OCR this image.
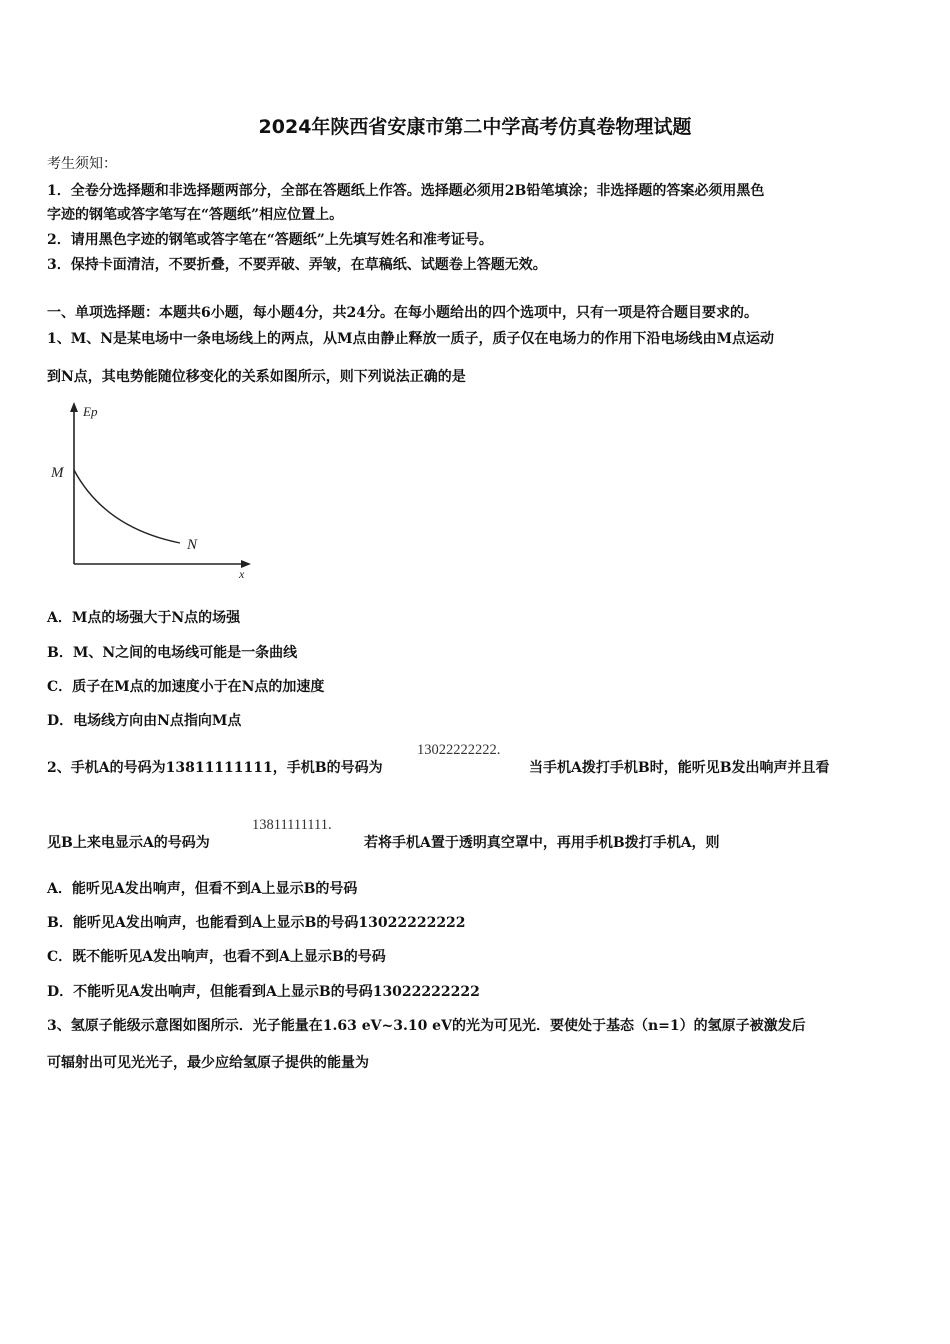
2024年陕西省安康市第二中学高考仿真卷物理试题
考生须知：
1．全卷分选择题和非选择题两部分，全部在答题纸上作答。选择题必须用2B铅笔填涂；非选择题的答案必须用黑色
字迹的钢笔或答字笔写在“答题纸”相应位置上。
2．请用黑色字迹的钢笔或答字笔在“答题纸”上先填写姓名和准考证号。
3．保持卡面清洁，不要折叠，不要弄破、弄皱，在草稿纸、试题卷上答题无效。
一、单项选择题：本题共6小题，每小题4分，共24分。在每小题给出的四个选项中，只有一项是符合题目要求的。
1、M、N是某电场中一条电场线上的两点，从M点由静止释放一质子，质子仅在电场力的作用下沿电场线由M点运动
到N点，其电势能随位移变化的关系如图所示，则下列说法正确的是
Ep
x
M
N
A．M点的场强大于N点的场强
B．M、N之间的电场线可能是一条曲线
C．质子在M点的加速度小于在N点的加速度
D．电场线方向由N点指向M点
2、手机A的号码为13811111111，手机B的号码为
13022222222.
当手机A拨打手机B时，能听见B发出响声并且看
见B上来电显示A的号码为
13811111111.
若将手机A置于透明真空罩中，再用手机B拨打手机A，则
A．能听见A发出响声，但看不到A上显示B的号码
B．能听见A发出响声，也能看到A上显示B的号码13022222222
C．既不能听见A发出响声，也看不到A上显示B的号码
D．不能听见A发出响声，但能看到A上显示B的号码13022222222
3、氢原子能级示意图如图所示．光子能量在1.63 eV~3.10 eV的光为可见光．要使处于基态（n=1）的氢原子被激发后
可辐射出可见光光子，最少应给氢原子提供的能量为
